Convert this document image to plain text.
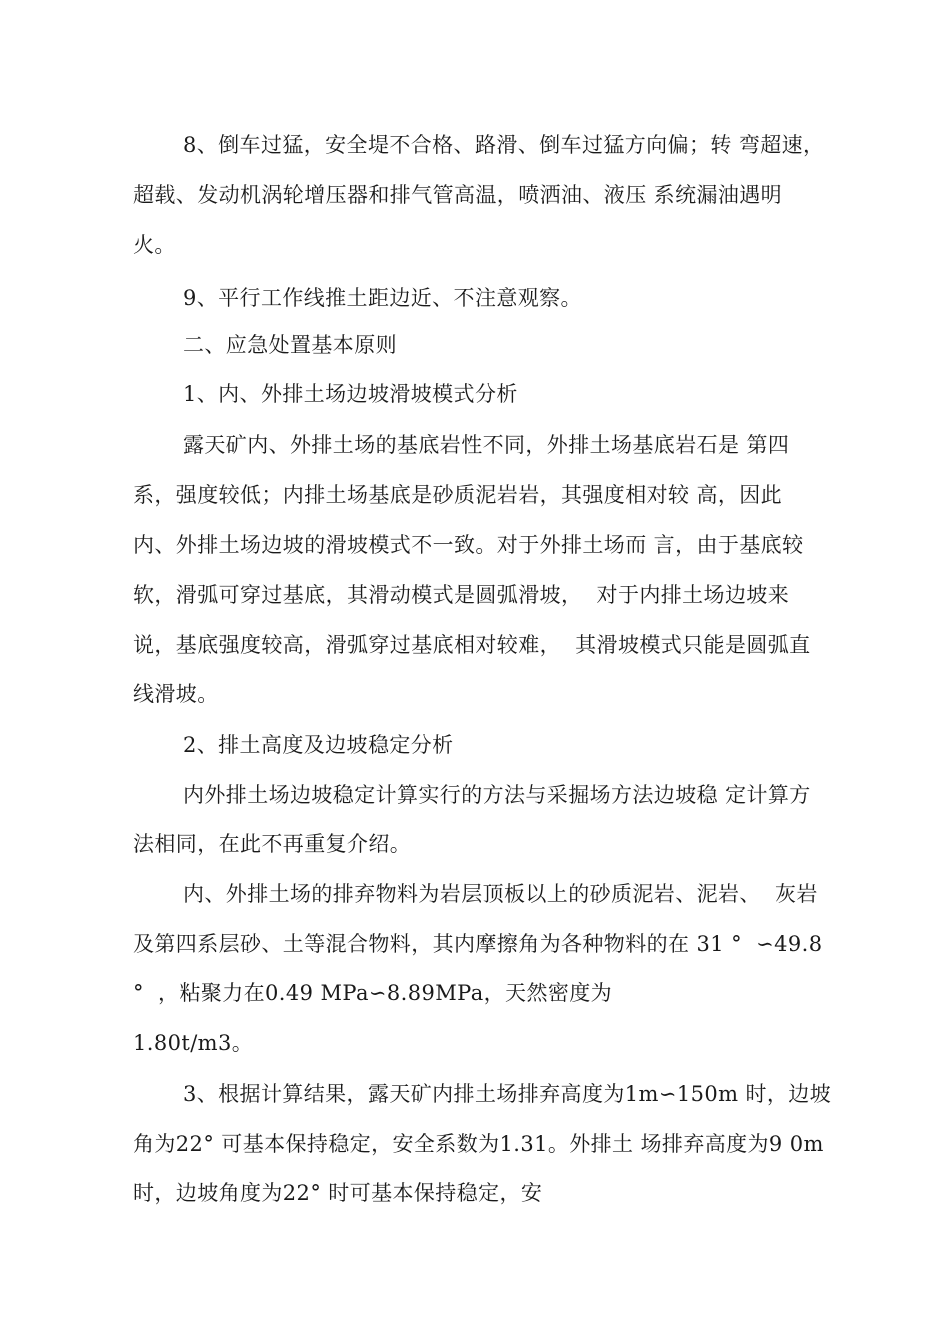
8、倒车过猛，安全堤不合格、路滑、倒车过猛方向偏；转 弯超速，
超载、发动机涡轮增压器和排气管高温，喷洒油、液压 系统漏油遇明
火。
9、平行工作线推土距边近、不注意观察。
二、应急处置基本原则
1、内、外排土场边坡滑坡模式分析
露天矿内、外排土场的基底岩性不同，外排土场基底岩石是 第四
系，强度较低；内排土场基底是砂质泥岩岩，其强度相对较 高，因此
内、外排土场边坡的滑坡模式不一致。对于外排土场而 言，由于基底较
软，滑弧可穿过基底，其滑动模式是圆弧滑坡，  对于内排土场边坡来
说，基底强度较高，滑弧穿过基底相对较难，  其滑坡模式只能是圆弧直
线滑坡。
2、排土高度及边坡稳定分析
内外排土场边坡稳定计算实行的方法与采掘场方法边坡稳 定计算方
法相同，在此不再重复介绍。
内、外排土场的排弃物料为岩层顶板以上的砂质泥岩、泥岩、  灰岩
及第四系层砂、土等混合物料，其内摩擦角为各种物料的在 31 °  ∽49.8
°  ，粘聚力在0.49 MPa∽8.89MPa，天然密度为
1.80t/m3。
3、根据计算结果，露天矿内排土场排弃高度为1m∽150m 时，边坡
角为22° 可基本保持稳定，安全系数为1.31。外排土 场排弃高度为9 0m
时，边坡角度为22° 时可基本保持稳定，安
